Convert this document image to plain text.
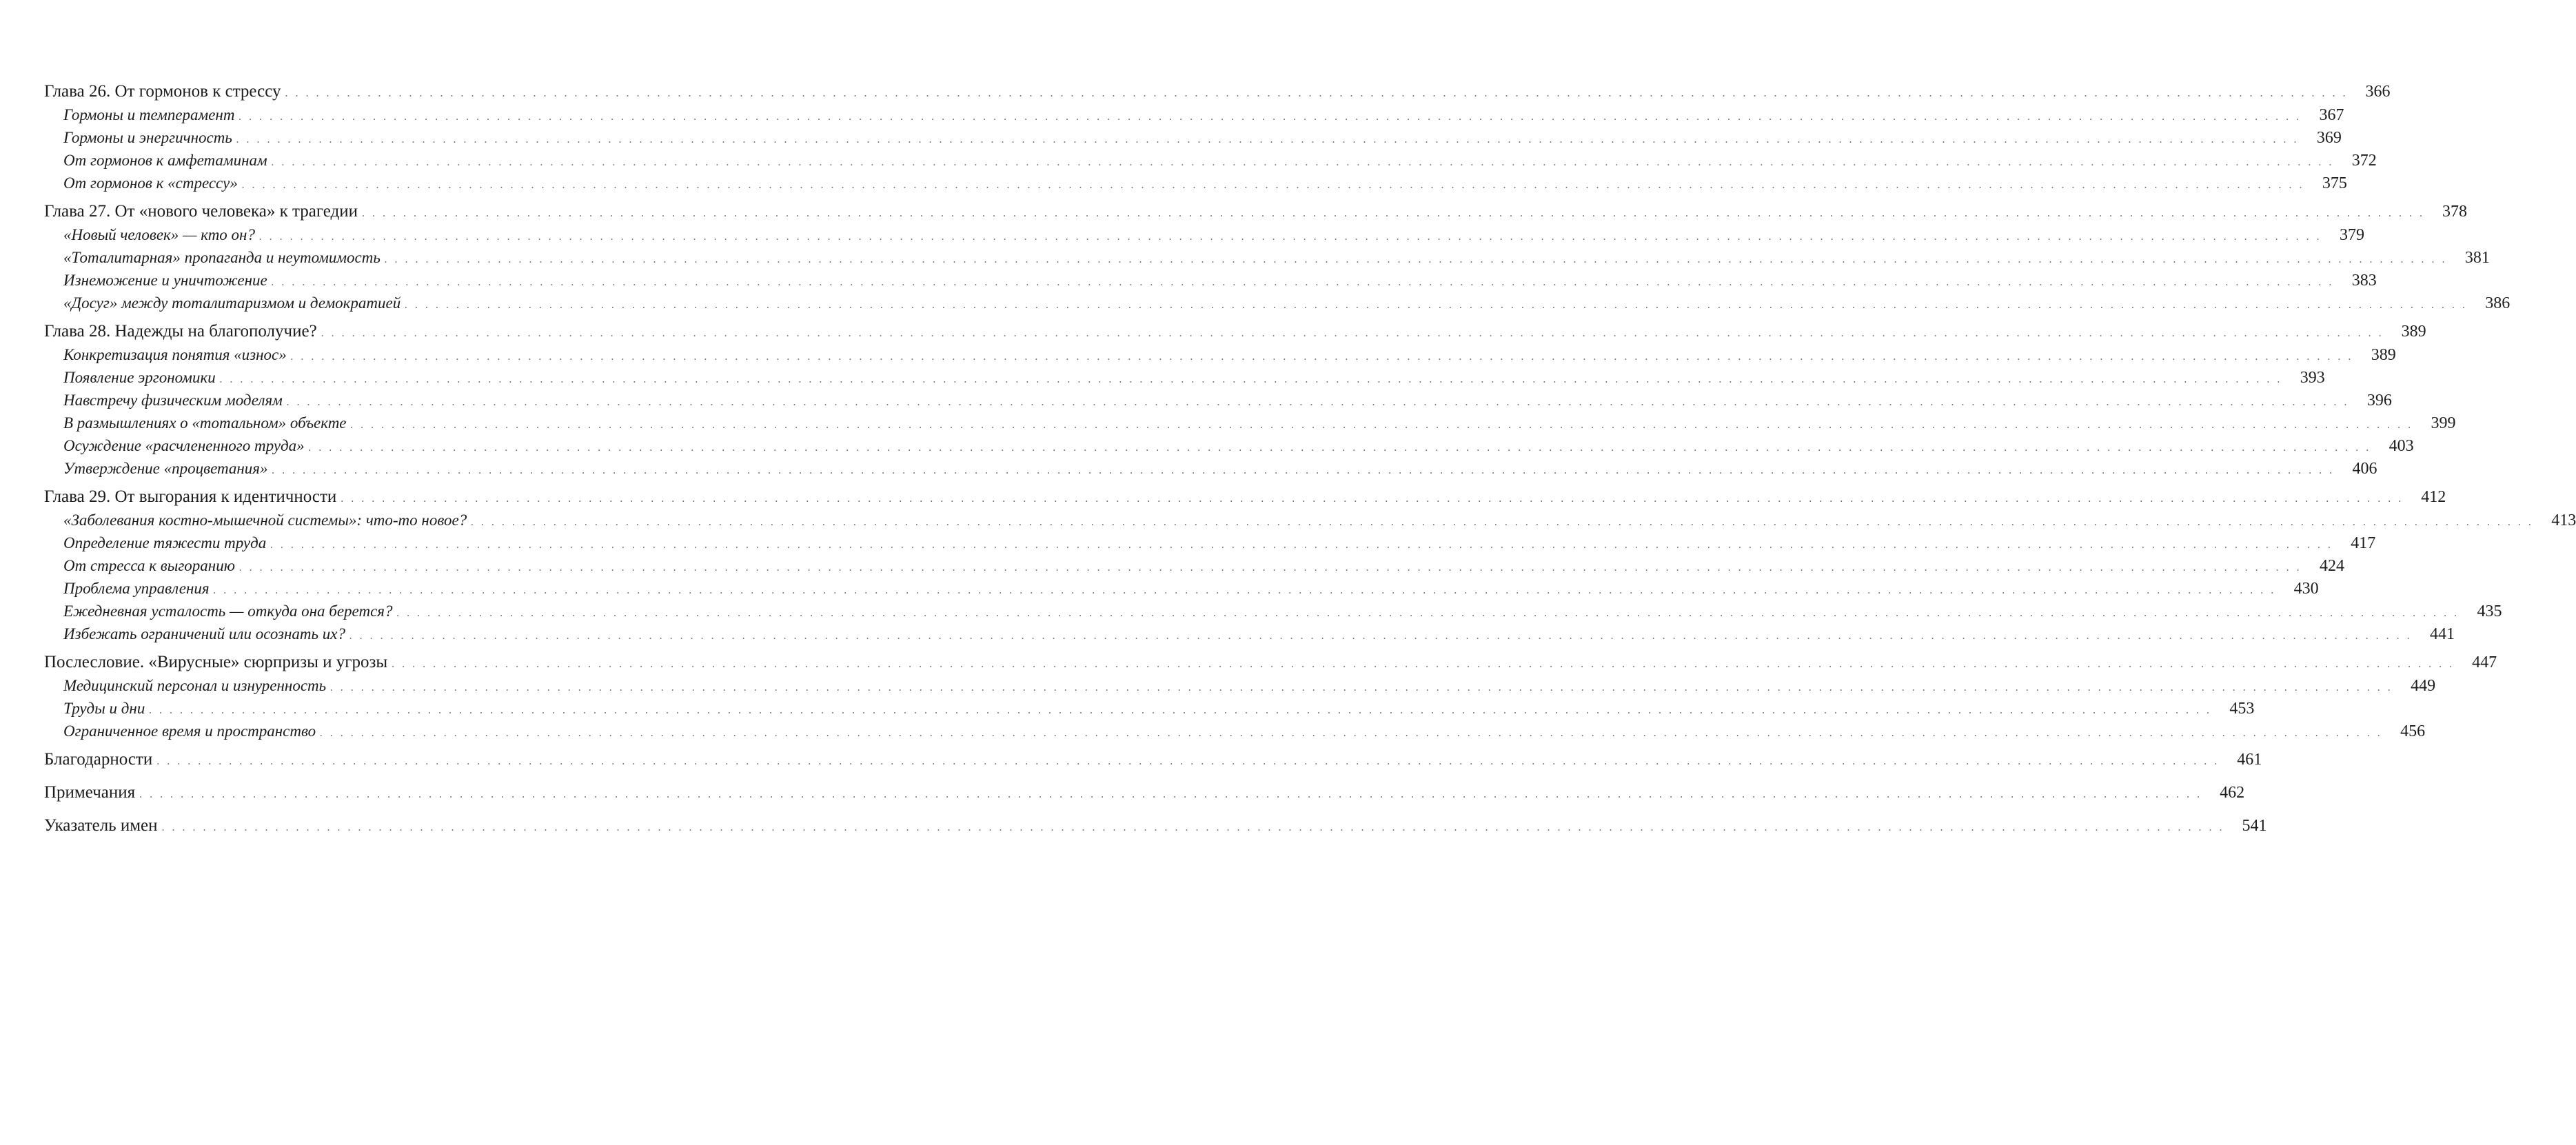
Глава 26. От гормонов к стрессу ........................................................................................................................................................................................................ 366
Гормоны и темперамент ........................................................................................................................................................................................................ 367
Гормоны и энергичность ........................................................................................................................................................................................................ 369
От гормонов к амфетаминам ........................................................................................................................................................................................................ 372
От гормонов к «стрессу» ........................................................................................................................................................................................................ 375
Глава 27. От «нового человека» к трагедии ........................................................................................................................................................................................................ 378
«Новый человек» — кто он? ........................................................................................................................................................................................................ 379
«Тоталитарная» пропаганда и неутомимость ........................................................................................................................................................................................................ 381
Изнеможение и уничтожение ........................................................................................................................................................................................................ 383
«Досуг» между тоталитаризмом и демократией ........................................................................................................................................................................................................ 386
Глава 28. Надежды на благополучие? ........................................................................................................................................................................................................ 389
Конкретизация понятия «износ» ........................................................................................................................................................................................................ 389
Появление эргономики ........................................................................................................................................................................................................ 393
Навстречу физическим моделям ........................................................................................................................................................................................................ 396
В размышлениях о «тотальном» объекте ........................................................................................................................................................................................................ 399
Осуждение «расчлененного труда» ........................................................................................................................................................................................................ 403
Утверждение «процветания» ........................................................................................................................................................................................................ 406
Глава 29. От выгорания к идентичности ........................................................................................................................................................................................................ 412
«Заболевания костно-мышечной системы»: что-то новое? ........................................................................................................................................................................................................ 413
Определение тяжести труда ........................................................................................................................................................................................................ 417
От стресса к выгоранию ........................................................................................................................................................................................................ 424
Проблема управления ........................................................................................................................................................................................................ 430
Ежедневная усталость — откуда она берется? ........................................................................................................................................................................................................ 435
Избежать ограничений или осознать их? ........................................................................................................................................................................................................ 441
Послесловие. «Вирусные» сюрпризы и угрозы ........................................................................................................................................................................................................ 447
Медицинский персонал и изнуренность ........................................................................................................................................................................................................ 449
Труды и дни ........................................................................................................................................................................................................ 453
Ограниченное время и пространство ........................................................................................................................................................................................................ 456
Благодарности ........................................................................................................................................................................................................ 461
Примечания ........................................................................................................................................................................................................ 462
Указатель имен ........................................................................................................................................................................................................ 541
